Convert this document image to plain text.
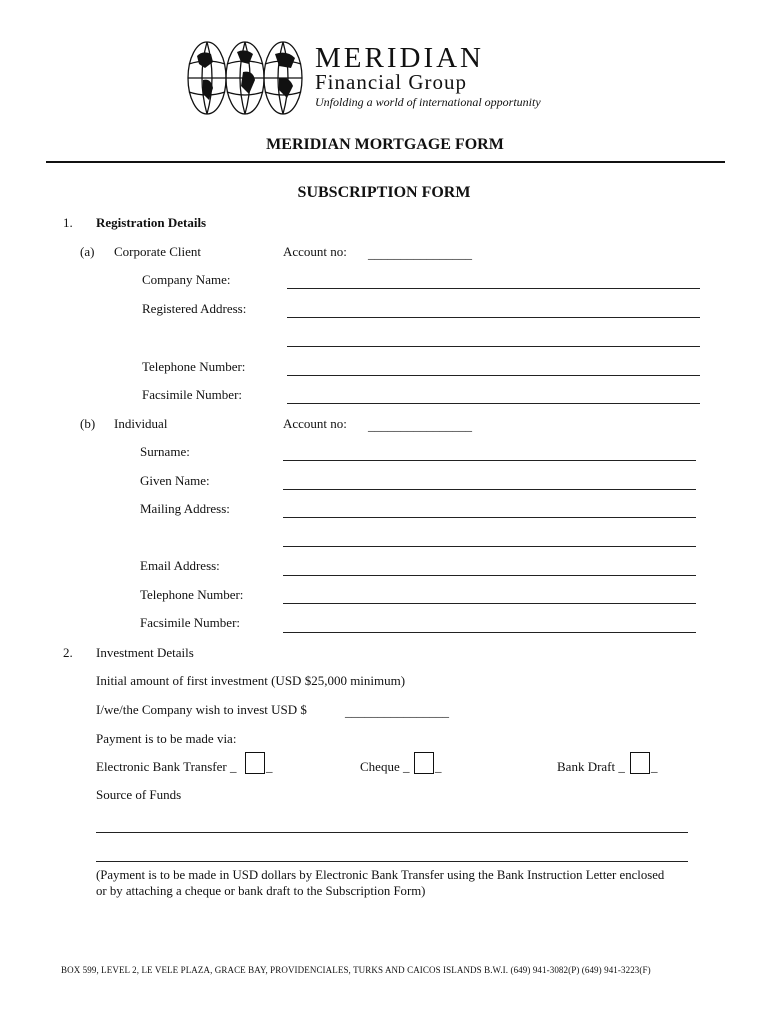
MERIDIAN
Financial Group
Unfolding a world of international opportunity
MERIDIAN MORTGAGE FORM
SUBSCRIPTION FORM
1. Registration Details
(a) Corporate Client	Account no: ________________
Company Name:
Registered Address:
Telephone Number:
Facsimile Number:
(b) Individual	Account no: ________________
Surname:
Given Name:
Mailing Address:
Email Address:
Telephone Number:
Facsimile Number:
2. Investment Details
Initial amount of first investment (USD $25,000 minimum)
I/we/the Company wish to invest USD $	________________
Payment is to be made via:
Electronic Bank Transfer _ _	Cheque _ _	Bank Draft _ _
Source of Funds
(Payment is to be made in USD dollars by Electronic Bank Transfer using the Bank Instruction Letter enclosed
or by attaching a cheque or bank draft to the Subscription Form)
BOX 599, LEVEL 2, LE VELE PLAZA, GRACE BAY, PROVIDENCIALES, TURKS AND CAICOS ISLANDS B.W.I. (649) 941-3082(P) (649) 941-3223(F)
